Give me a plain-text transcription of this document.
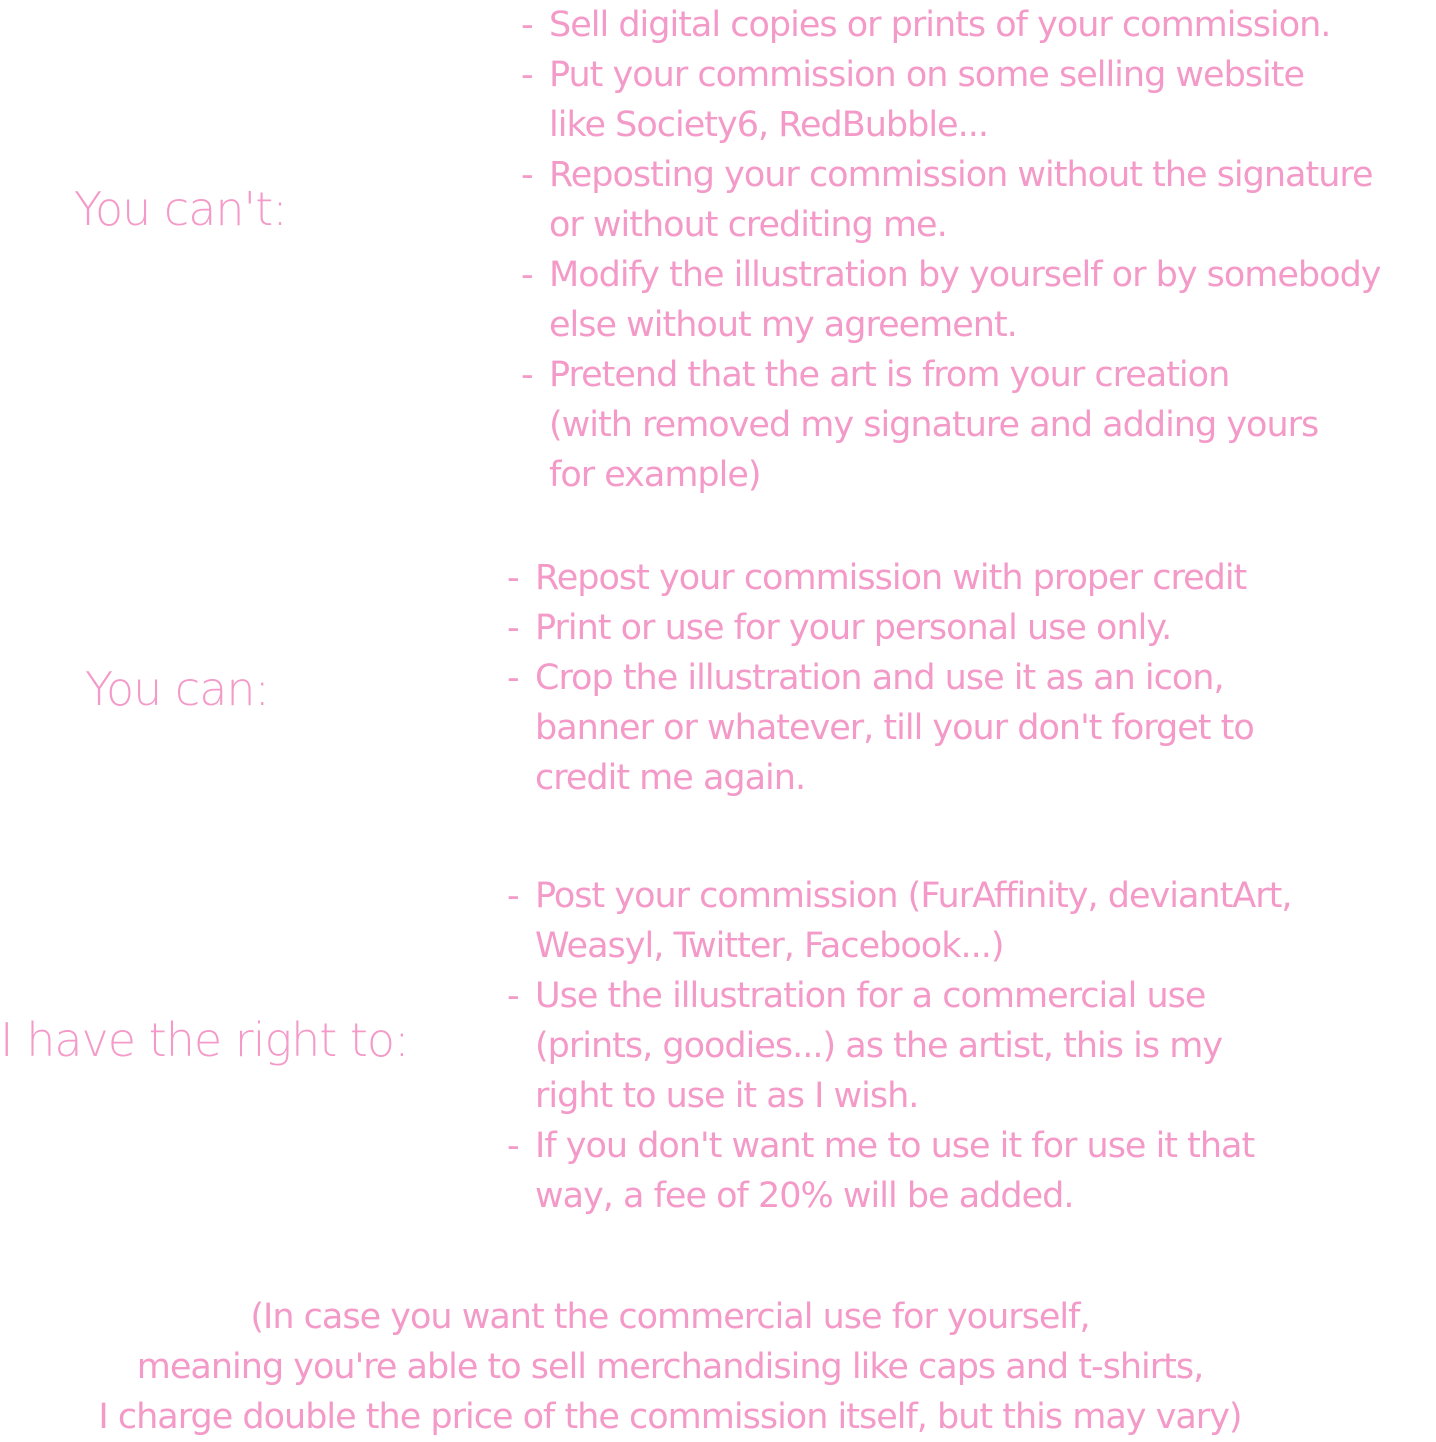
You can't:
- Sell digital copies or prints of your commission.
- Put your commission on some selling website
like Society6, RedBubble...
- Reposting your commission without the signature
or without crediting me.
- Modify the illustration by yourself or by somebody
else without my agreement.
- Pretend that the art is from your creation
(with removed my signature and adding yours
for example)
You can:
- Repost your commission with proper credit
- Print or use for your personal use only.
- Crop the illustration and use it as an icon,
banner or whatever, till your don't forget to
credit me again.
I have the right to:
- Post your commission (FurAffinity, deviantArt,
Weasyl, Twitter, Facebook...)
- Use the illustration for a commercial use
(prints, goodies...) as the artist, this is my
right to use it as I wish.
- If you don't want me to use it for use it that
way, a fee of 20% will be added.
(In case you want the commercial use for yourself,
meaning you're able to sell merchandising like caps and t-shirts,
I charge double the price of the commission itself, but this may vary)
